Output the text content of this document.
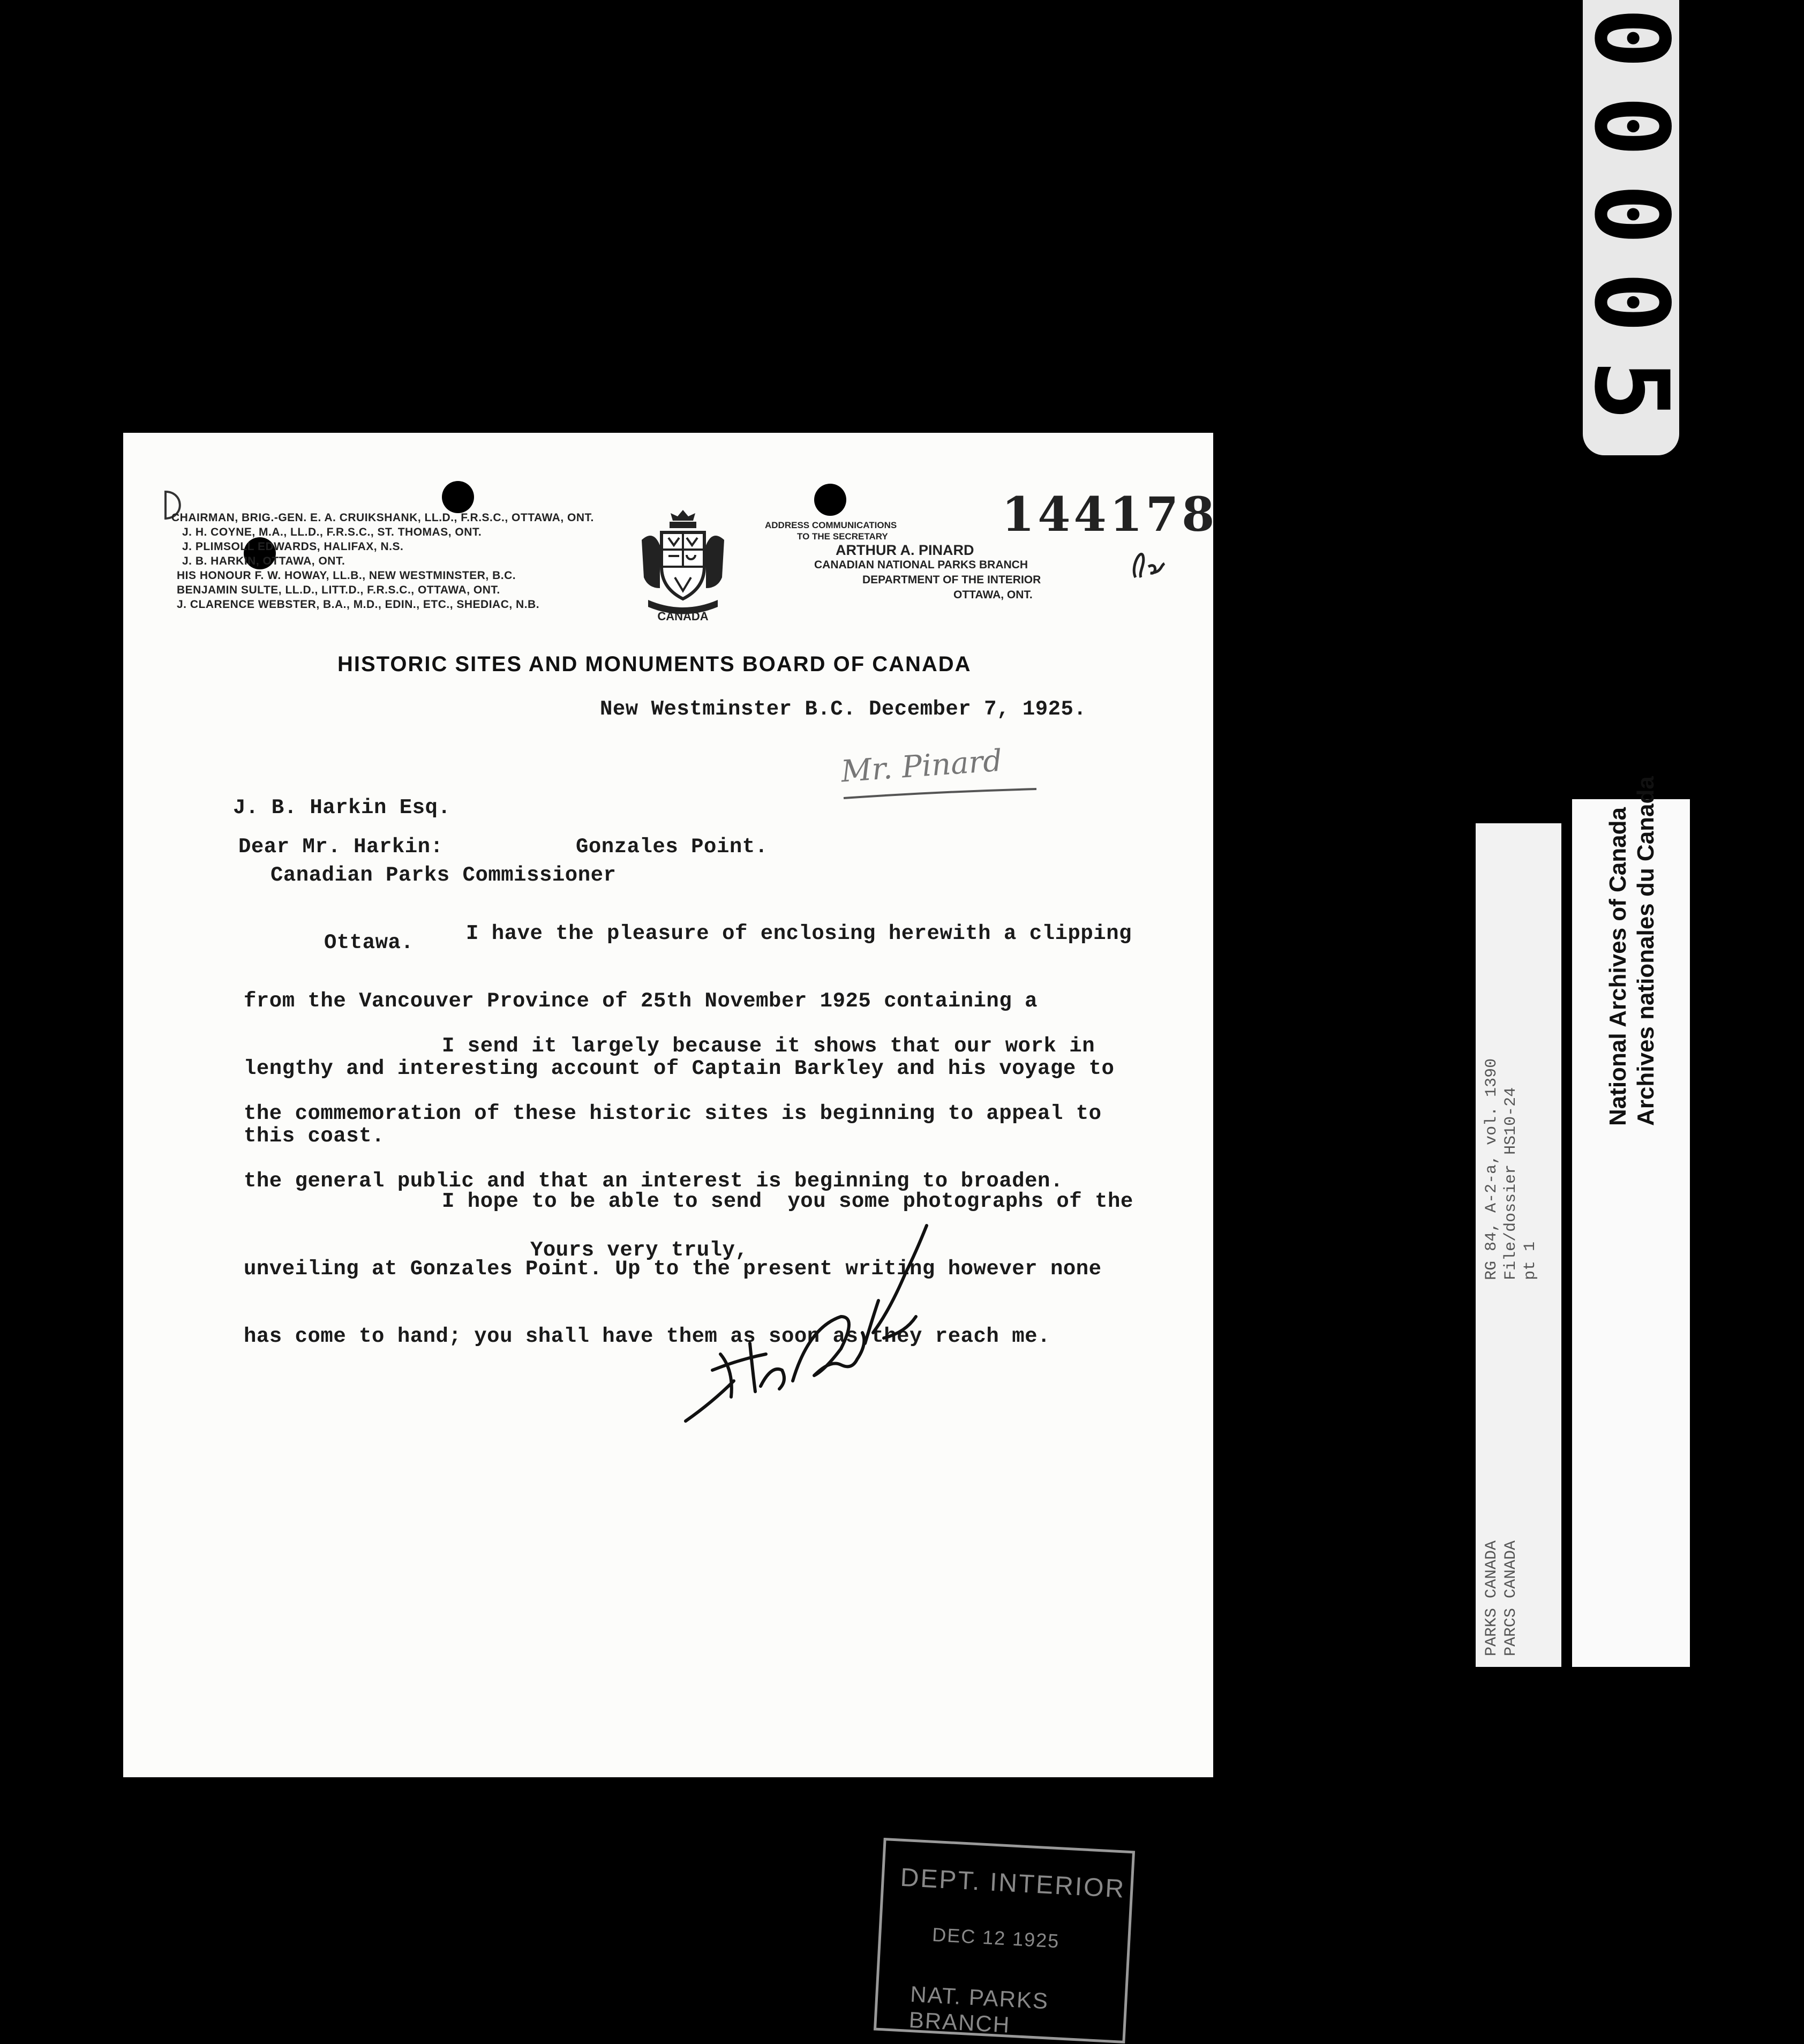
00005
CHAIRMAN, BRIG.-GEN. E. A. CRUIKSHANK, LL.D., F.R.S.C., OTTAWA, ONT.
J. H. COYNE, M.A., LL.D., F.R.S.C., ST. THOMAS, ONT.
J. PLIMSOLL EDWARDS, HALIFAX, N.S.
J. B. HARKIN, OTTAWA, ONT.
HIS HONOUR F. W. HOWAY, LL.B., NEW WESTMINSTER, B.C.
BENJAMIN SULTE, LL.D., LITT.D., F.R.S.C., OTTAWA, ONT.
J. CLARENCE WEBSTER, B.A., M.D., EDIN., ETC., SHEDIAC, N.B.
CANADA
ADDRESS COMMUNICATIONS
TO THE SECRETARY
ARTHUR A. PINARD
CANADIAN NATIONAL PARKS BRANCH
DEPARTMENT OF THE INTERIOR
OTTAWA, ONT.
144178
HISTORIC SITES AND MONUMENTS BOARD OF CANADA
New Westminster B.C. December 7, 1925.

J. B. Harkin Esq.

Canadian Parks Commissioner

Ottawa.

Mr. Pinard
Dear Mr. Harkin:	Gonzales Point.

I have the pleasure of enclosing herewith a clipping

from the Vancouver Province of 25th November 1925 containing a

lengthy and interesting account of Captain Barkley and his voyage to

this coast.

I send it largely because it shows that our work in

the commemoration of these historic sites is beginning to appeal to

the general public and that an interest is beginning to broaden.

I hope to be able to send  you some photographs of the

unveiling at Gonzales Point. Up to the present writing however none

has come to hand; you shall have them as soon as they reach me.

Yours very truly,
DEPT. INTERIOR
DEC 12 1925
NAT. PARKS BRANCH
PARKS CANADA                           RG 84, A-2-a, vol. 1390
PARCS CANADA                           File/dossier HS10-24
pt 1
National Archives of Canada
Archives nationales du Canada
